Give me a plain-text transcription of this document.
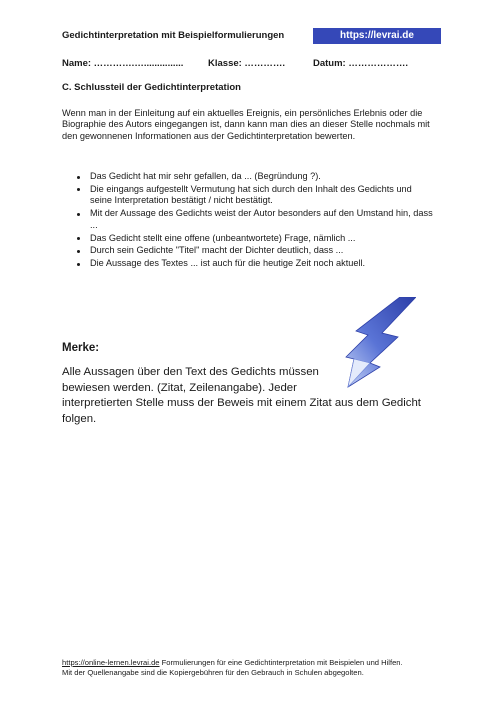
Gedichtinterpretation mit Beispielformulierungen	https://levrai.de
Name: ………….…...............	Klasse: ………….	Datum: ……………….
C. Schlussteil der Gedichtinterpretation
Wenn man in der Einleitung auf ein aktuelles Ereignis, ein persönliches Erlebnis oder die Biographie des Autors eingegangen ist, dann kann man dies an dieser Stelle nochmals mit den gewonnenen Informationen aus der Gedichtinterpretation bewerten.
Das Gedicht hat mir sehr gefallen, da ... (Begründung ?).
Die eingangs aufgestellt Vermutung hat sich durch den Inhalt des Gedichts und seine Interpretation bestätigt / nicht bestätigt.
Mit der Aussage des Gedichts weist der Autor besonders auf den Umstand hin, dass ...
Das Gedicht stellt eine offene (unbeantwortete) Frage, nämlich ...
Durch sein Gedichte "Titel" macht der Dichter deutlich, dass ...
Die Aussage des Textes ... ist auch für die heutige Zeit noch aktuell.
Merke:
Alle Aussagen über den Text des Gedichts müssen
bewiesen werden. (Zitat, Zeilenangabe). Jeder
interpretierten Stelle muss der Beweis mit einem Zitat aus dem Gedicht folgen.
https://online-lernen.levrai.de Formulierungen für eine Gedichtinterpretation mit Beispielen und Hilfen.
Mit der Quellenangabe sind die Kopiergebühren für den Gebrauch in Schulen abgegolten.
